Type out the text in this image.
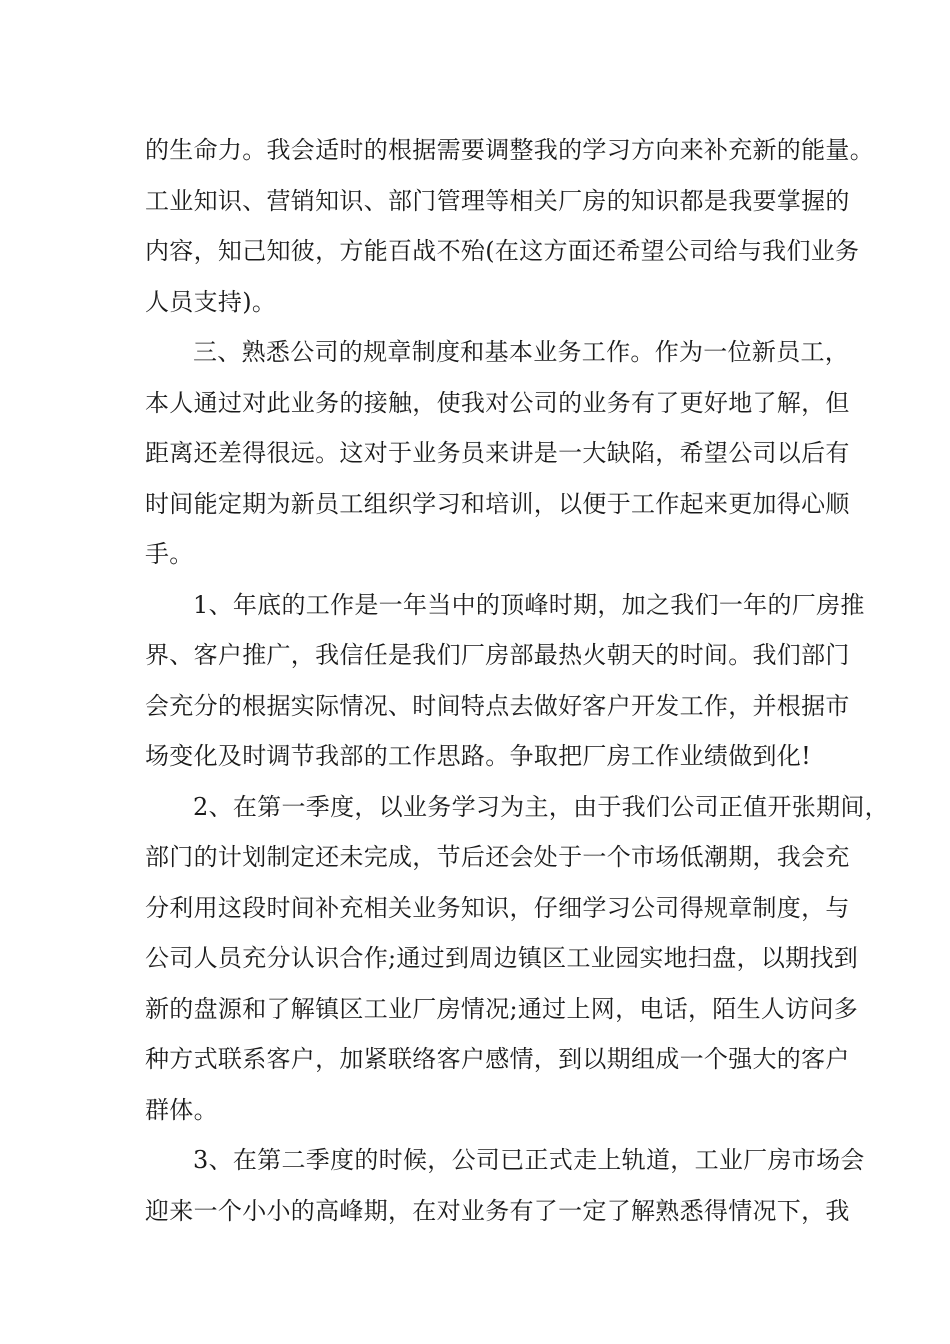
的生命力。我会适时的根据需要调整我的学习方向来补充新的能量。
工业知识、营销知识、部门管理等相关厂房的知识都是我要掌握的
内容，知己知彼，方能百战不殆(在这方面还希望公司给与我们业务
人员支持)。
三、熟悉公司的规章制度和基本业务工作。作为一位新员工，
本人通过对此业务的接触，使我对公司的业务有了更好地了解，但
距离还差得很远。这对于业务员来讲是一大缺陷，希望公司以后有
时间能定期为新员工组织学习和培训，以便于工作起来更加得心顺
手。
1、年底的工作是一年当中的顶峰时期，加之我们一年的厂房推
界、客户推广，我信任是我们厂房部最热火朝天的时间。我们部门
会充分的根据实际情况、时间特点去做好客户开发工作，并根据市
场变化及时调节我部的工作思路。争取把厂房工作业绩做到化!
2、在第一季度，以业务学习为主，由于我们公司正值开张期间，
部门的计划制定还未完成，节后还会处于一个市场低潮期，我会充
分利用这段时间补充相关业务知识，仔细学习公司得规章制度，与
公司人员充分认识合作;通过到周边镇区工业园实地扫盘，以期找到
新的盘源和了解镇区工业厂房情况;通过上网，电话，陌生人访问多
种方式联系客户，加紧联络客户感情，到以期组成一个强大的客户
群体。
3、在第二季度的时候，公司已正式走上轨道，工业厂房市场会
迎来一个小小的高峰期，在对业务有了一定了解熟悉得情况下，我
